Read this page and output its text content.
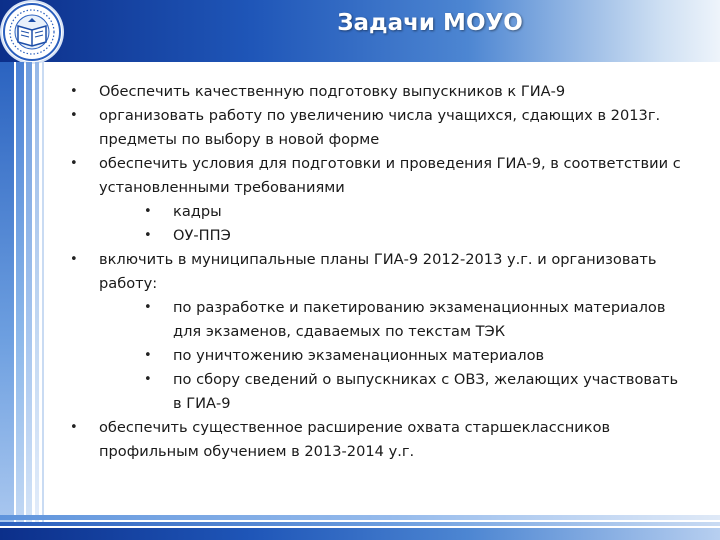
Задачи МОУО
• Обеспечить качественную подготовку выпускников к ГИА-9
• организовать работу по увеличению числа учащихся, сдающих в 2013г. предметы по выбору в новой форме
• обеспечить условия для подготовки и проведения ГИА-9, в соответствии с установленными требованиями
• кадры
• ОУ-ППЭ
• включить в муниципальные планы ГИА-9 2012-2013 у.г. и организовать работу:
• по разработке и пакетированию экзаменационных материалов для экзаменов, сдаваемых по текстам ТЭК
• по уничтожению экзаменационных материалов
• по сбору сведений о выпускниках с ОВЗ, желающих участвовать в ГИА-9
• обеспечить существенное расширение охвата старшеклассников профильным обучением в 2013-2014 у.г.
